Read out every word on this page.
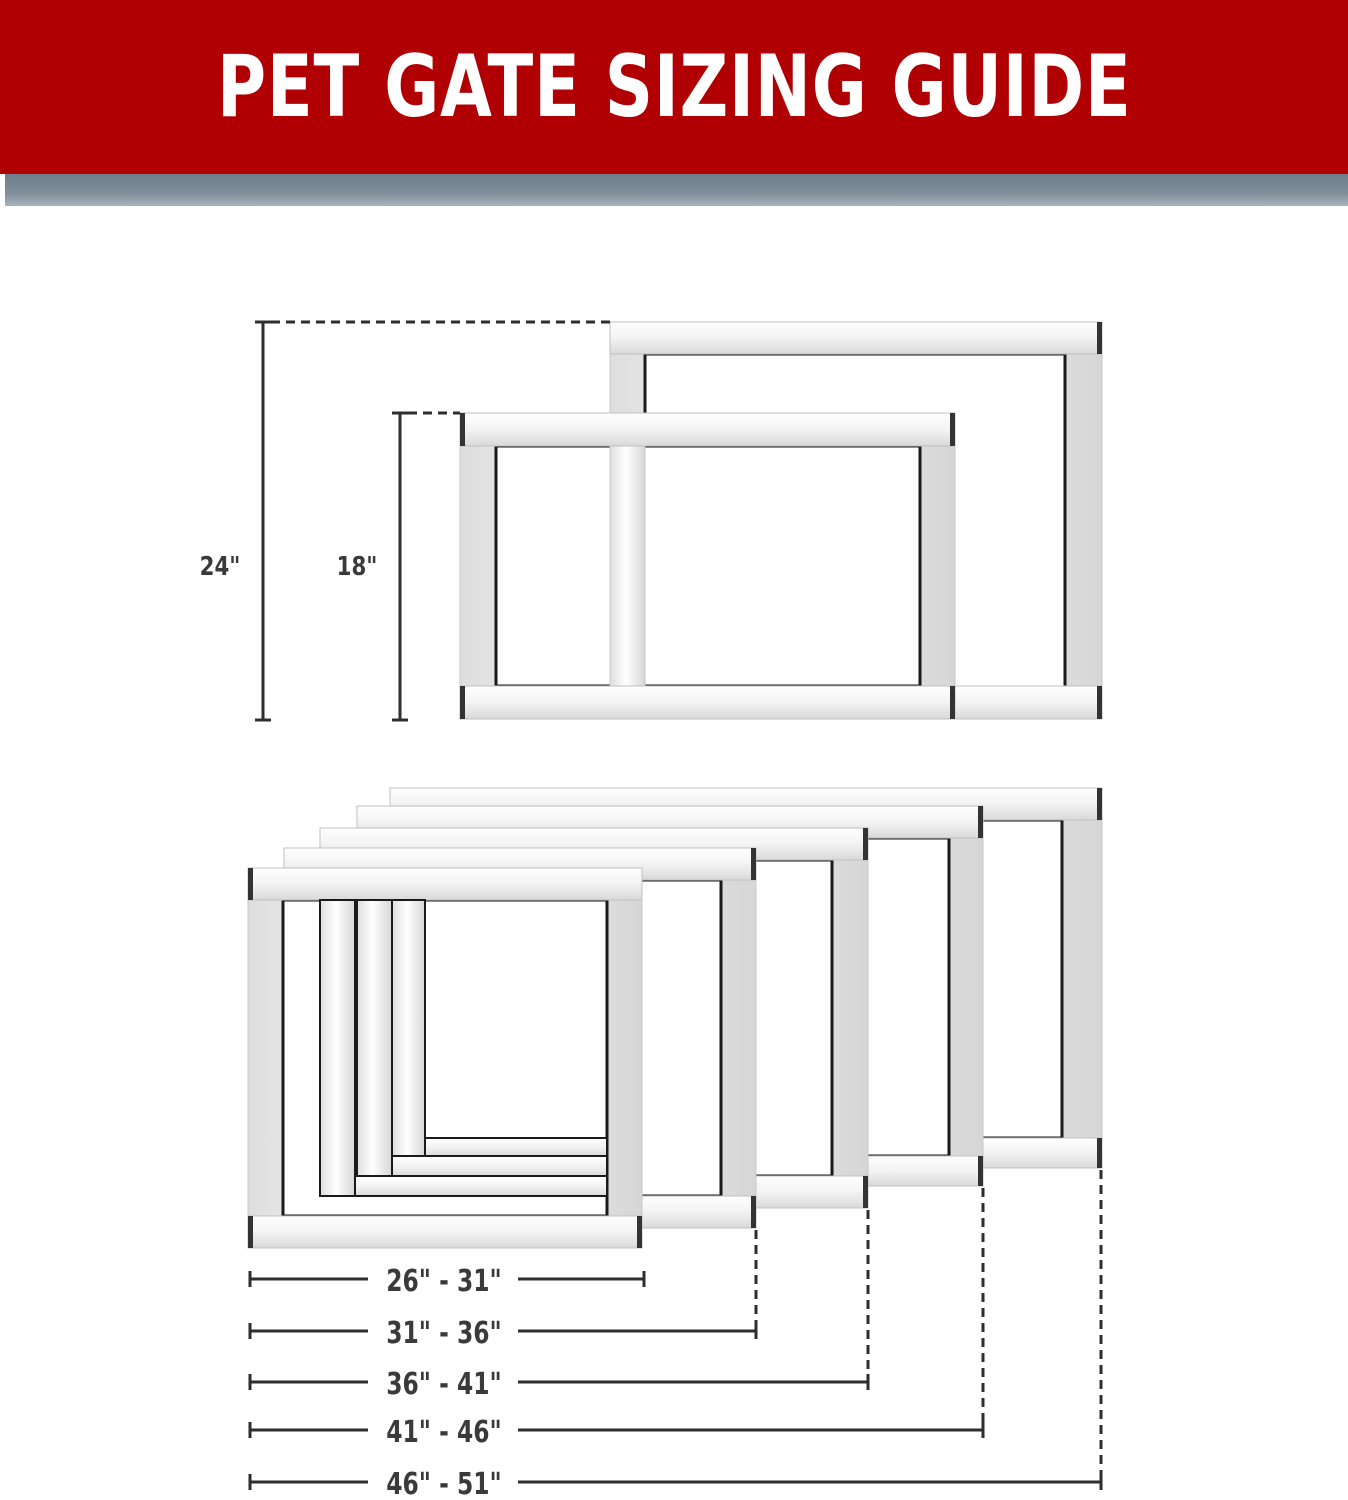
PET GATE SIZING GUIDE
24"	18"
26" - 31"
31" - 36"
36" - 41"
41" - 46"
46" - 51"
